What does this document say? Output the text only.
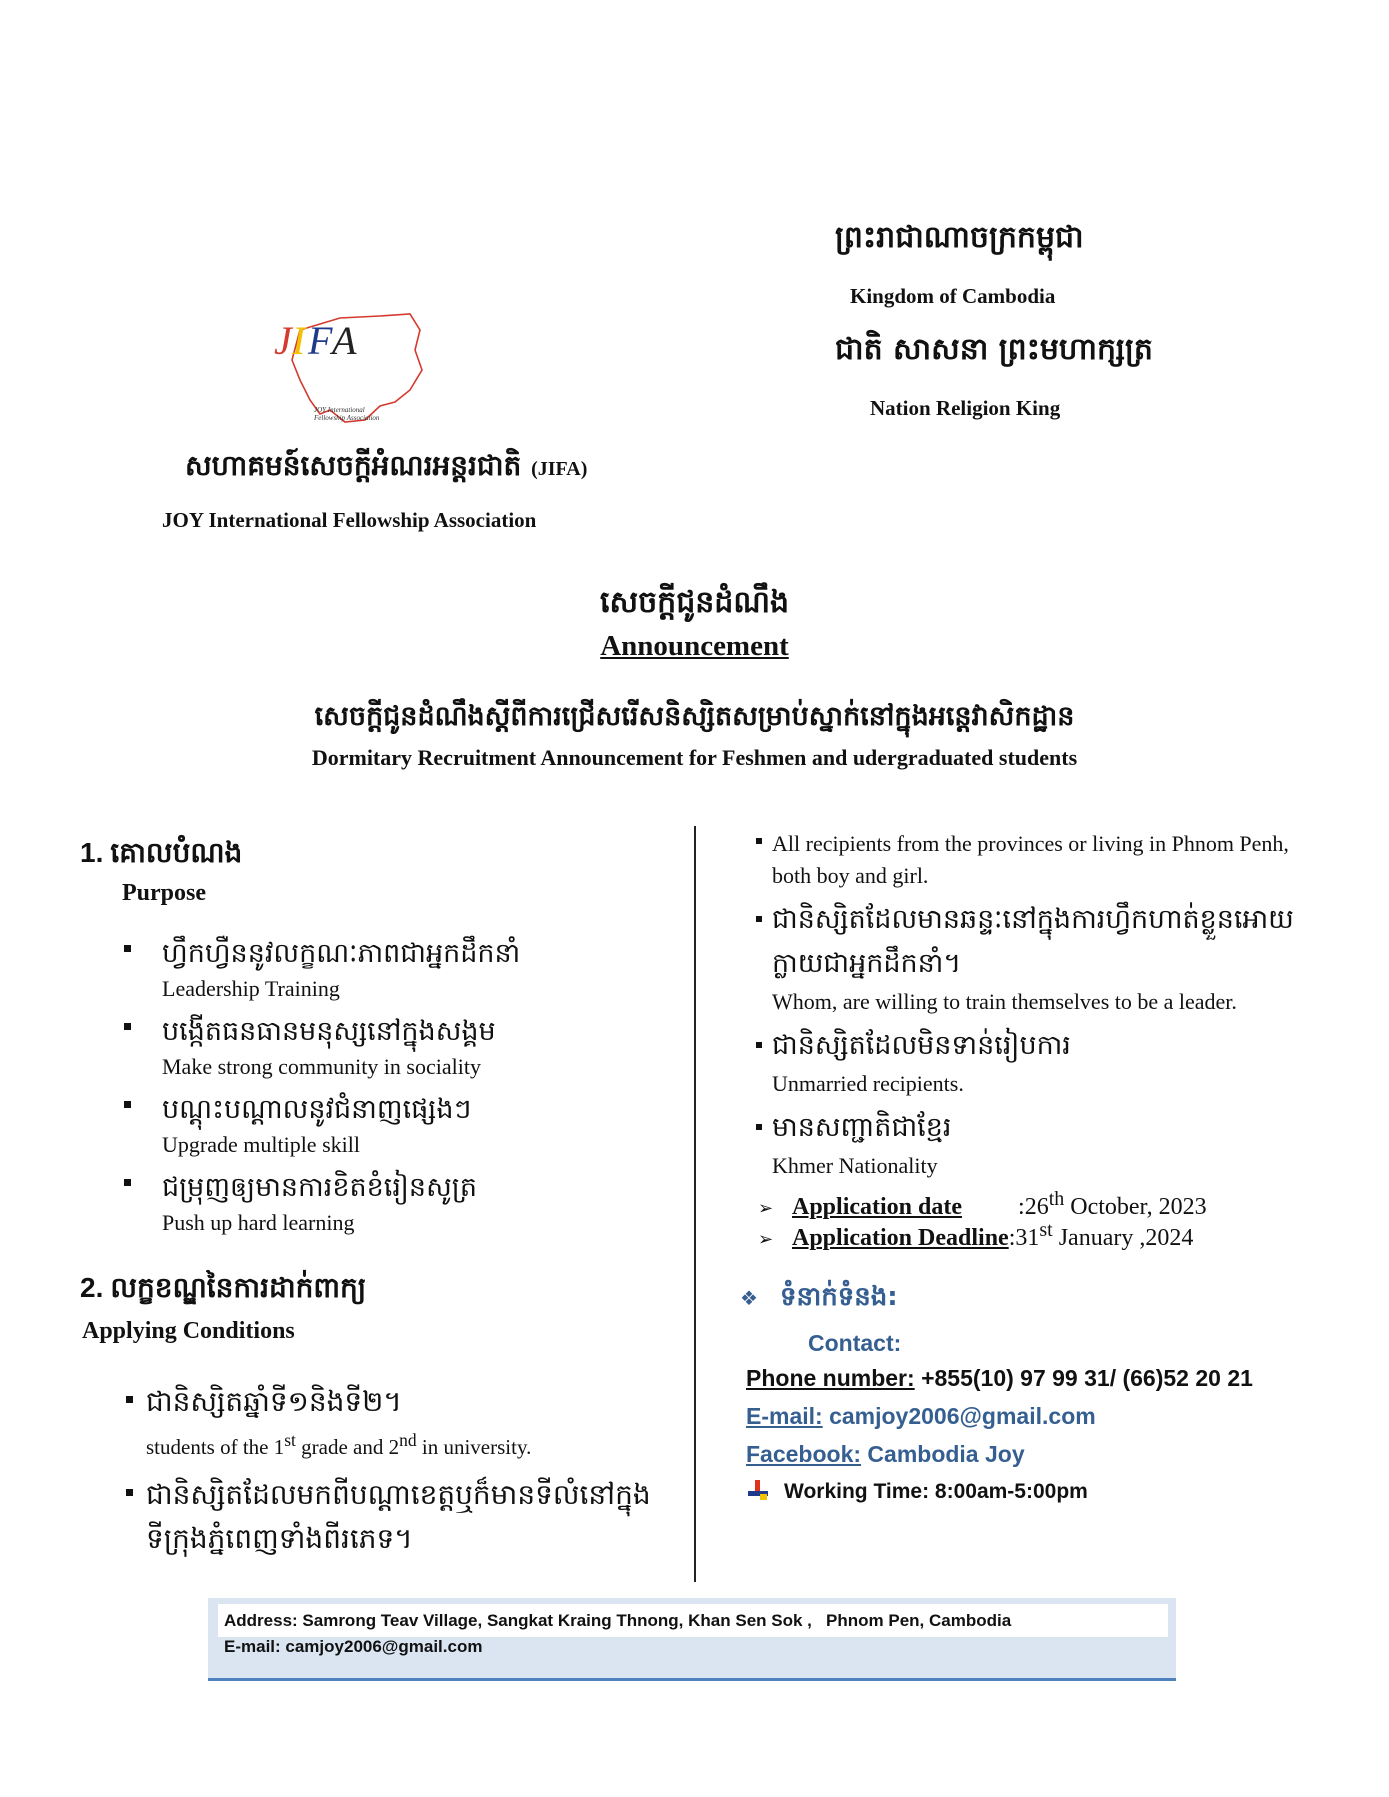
ព្រះរាជាណាចក្រកម្ពុជា
Kingdom of Cambodia
ជាតិ សាសនា ព្រះមហាក្សត្រ
Nation Religion King
J I F A
JOY International
Fellowship Association
សហាគមន៍សេចក្ដីអំណរអន្តរជាតិ (JIFA)
JOY International Fellowship Association
សេចក្ដីជូនដំណឹង
Announcement
សេចក្ដីជូនដំណឹងស្ដីពីការជ្រើសរើសនិស្សិតសម្រាប់ស្នាក់នៅក្នុងអន្តេវាសិកដ្ឋាន
Dormitary Recruitment Announcement for Feshmen and udergraduated students
1. គោលបំណង
Purpose
ហ្វឹកហ្វឺននូវលក្ខណៈភាពជាអ្នកដឹកនាំ
Leadership Training
បង្កើតធនធានមនុស្សនៅក្នុងសង្គម
Make strong community in sociality
បណ្ដុះបណ្ដាលនូវជំនាញផ្សេងៗ
Upgrade multiple skill
ជម្រុញឲ្យមានការខិតខំរៀនសូត្រ
Push up hard learning
2. លក្ខខណ្ឌនៃការដាក់ពាក្យ
Applying Conditions
ជានិស្សិតឆ្នាំទី១និងទី២។
students of the 1st grade and 2nd in university.
ជានិស្សិតដែលមកពីបណ្ដាខេត្តឬក៏មានទីលំនៅក្នុងទីក្រុងភ្នំពេញទាំងពីរភេទ។
All recipients from the provinces or living in Phnom Penh, both boy and girl.
ជានិស្សិតដែលមានឆន្ទៈនៅក្នុងការហ្វឹកហាត់ខ្លួនអោយក្លាយជាអ្នកដឹកនាំ។
Whom, are willing to train themselves to be a leader.
ជានិស្សិតដែលមិនទាន់រៀបការ
Unmarried recipients.
មានសញ្ជាតិជាខ្មែរ
Khmer Nationality
➢ Application date :26th October, 2023
➢ Application Deadline:31st January ,2024
❖ ទំនាក់ទំនង:
Contact:
Phone number: +855(10) 97 99 31/ (66)52 20 21
E-mail: camjoy2006@gmail.com
Facebook: Cambodia Joy
Working Time: 8:00am-5:00pm
Address: Samrong Teav Village, Sangkat Kraing Thnong, Khan Sen Sok ,   Phnom Pen, Cambodia
E-mail: camjoy2006@gmail.com
